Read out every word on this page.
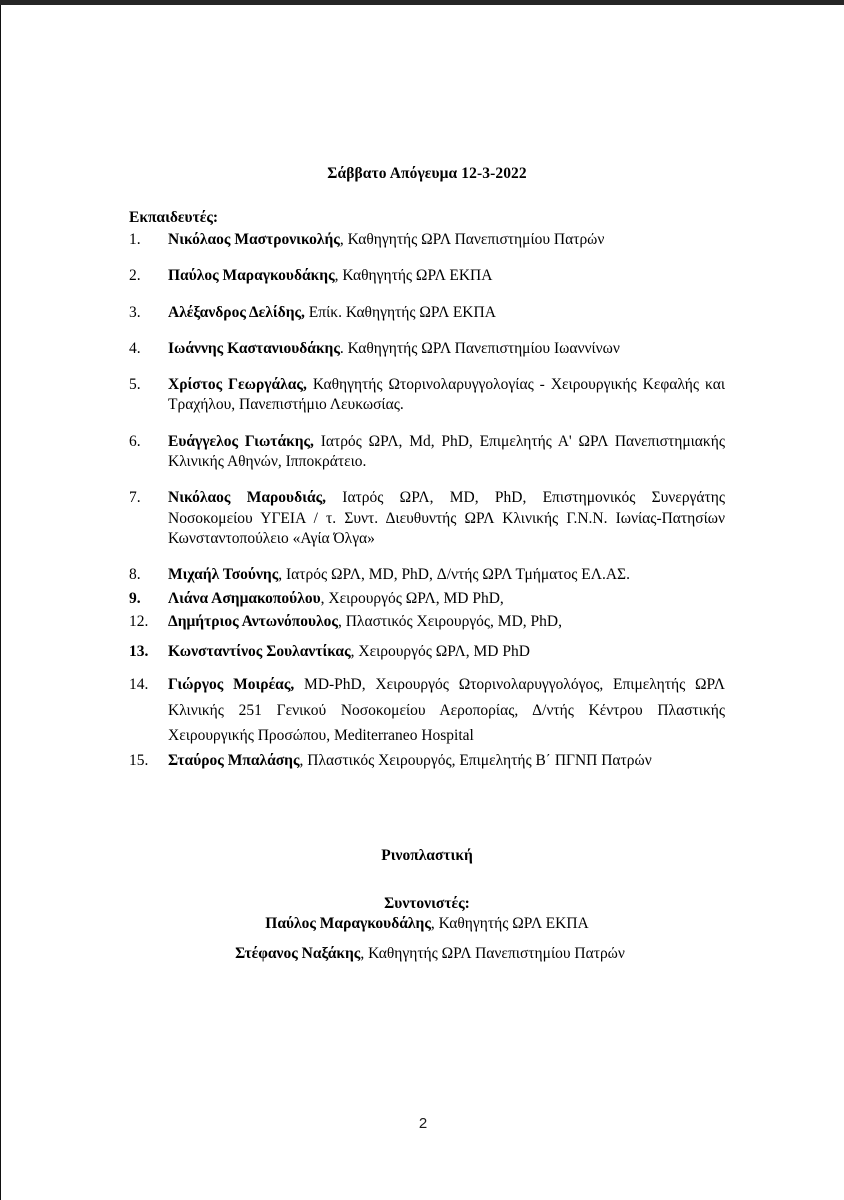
Σάββατο Απόγευμα 12-3-2022
Εκπαιδευτές:
1. Νικόλαος Μαστρονικολής, Καθηγητής ΩΡΛ Πανεπιστημίου Πατρών
2. Παύλος Μαραγκουδάκης, Καθηγητής ΩΡΛ ΕΚΠΑ
3. Αλέξανδρος Δελίδης, Επίκ. Καθηγητής ΩΡΛ ΕΚΠΑ
4. Ιωάννης Καστανιουδάκης. Καθηγητής ΩΡΛ Πανεπιστημίου Ιωαννίνων
5. Χρίστος Γεωργάλας, Καθηγητής Ωτορινολαρυγγολογίας - Χειρουργικής Κεφαλής και Τραχήλου, Πανεπιστήμιο Λευκωσίας.
6. Ευάγγελος Γιωτάκης, Ιατρός ΩΡΛ, Md, PhD, Επιμελητής Α' ΩΡΛ Πανεπιστημιακής Κλινικής Αθηνών, Ιπποκράτειο.
7. Νικόλαος Μαρουδιάς, Ιατρός ΩΡΛ, MD, PhD, Επιστημονικός Συνεργάτης Νοσοκομείου ΥΓΕΙΑ / τ. Συντ. Διευθυντής ΩΡΛ Κλινικής Γ.Ν.Ν. Ιωνίας-Πατησίων Κωνσταντοπούλειο «Αγία Όλγα»
8. Μιχαήλ Τσούνης, Ιατρός ΩΡΛ, MD, PhD, Δ/ντής ΩΡΛ Τμήματος ΕΛ.ΑΣ.
9. Λιάνα Ασημακοπούλου, Χειρουργός ΩΡΛ, MD PhD,
12. Δημήτριος Αντωνόπουλος, Πλαστικός Χειρουργός, MD, PhD,
13. Κωνσταντίνος Σουλαντίκας, Χειρουργός ΩΡΛ, MD PhD
14. Γιώργος Μοιρέας, MD-PhD, Χειρουργός Ωτορινολαρυγγολόγος, Επιμελητής ΩΡΛ Κλινικής 251 Γενικού Νοσοκομείου Αεροπορίας, Δ/ντής Κέντρου Πλαστικής Χειρουργικής Προσώπου, Mediterraneo Hospital
15. Σταύρος Μπαλάσης, Πλαστικός Χειρουργός, Επιμελητής Β΄ ΠΓΝΠ Πατρών
Ρινοπλαστική
Συντονιστές:
Παύλος Μαραγκουδάλης, Καθηγητής ΩΡΛ ΕΚΠΑ
Στέφανος Ναξάκης, Καθηγητής ΩΡΛ Πανεπιστημίου Πατρών
2
